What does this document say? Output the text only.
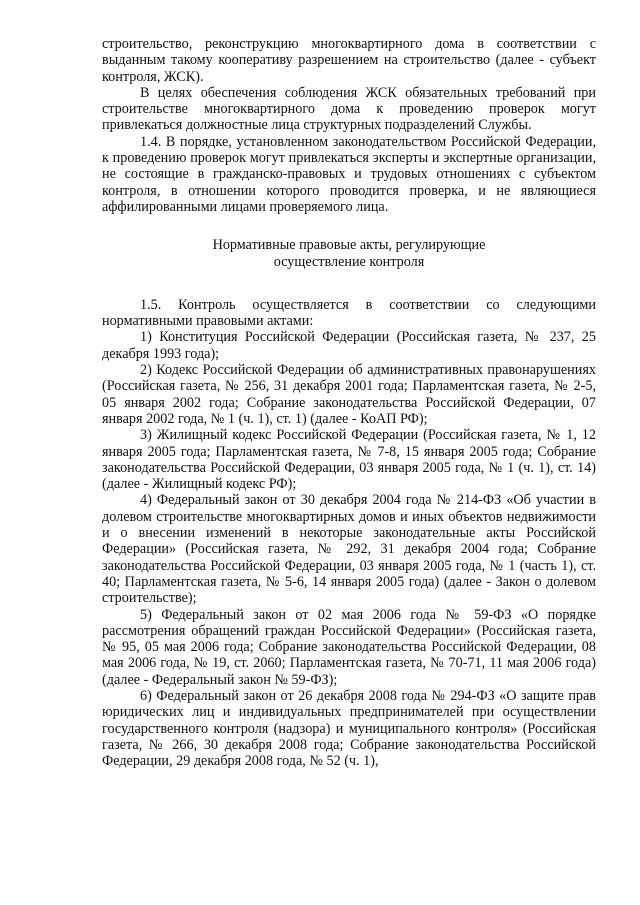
строительство, реконструкцию многоквартирного дома в соответствии с выданным такому кооперативу разрешением на строительство (далее - субъект контроля, ЖСК).

В целях обеспечения соблюдения ЖСК обязательных требований при строительстве многоквартирного дома к проведению проверок могут привлекаться должностные лица структурных подразделений Службы.

1.4. В порядке, установленном законодательством Российской Федерации, к проведению проверок могут привлекаться эксперты и экспертные организации, не состоящие в гражданско-правовых и трудовых отношениях с субъектом контроля, в отношении которого проводится проверка, и не являющиеся аффилированными лицами проверяемого лица.

Нормативные правовые акты, регулирующие
осуществление контроля

1.5. Контроль осуществляется в соответствии со следующими нормативными правовыми актами:

1) Конституция Российской Федерации (Российская газета, № 237, 25 декабря 1993 года);

2) Кодекс Российской Федерации об административных правонарушениях (Российская газета, № 256, 31 декабря 2001 года; Парламентская газета, № 2-5, 05 января 2002 года; Собрание законодательства Российской Федерации, 07 января 2002 года, № 1 (ч. 1), ст. 1) (далее - КоАП РФ);

3) Жилищный кодекс Российской Федерации (Российская газета, № 1, 12 января 2005 года; Парламентская газета, № 7-8, 15 января 2005 года; Собрание законодательства Российской Федерации, 03 января 2005 года, № 1 (ч. 1), ст. 14) (далее - Жилищный кодекс РФ);

4) Федеральный закон от 30 декабря 2004 года № 214-ФЗ «Об участии в долевом строительстве многоквартирных домов и иных объектов недвижимости и о внесении изменений в некоторые законодательные акты Российской Федерации» (Российская газета, № 292, 31 декабря 2004 года; Собрание законодательства Российской Федерации, 03 января 2005 года, № 1 (часть 1), ст. 40; Парламентская газета, № 5-6, 14 января 2005 года) (далее - Закон о долевом строительстве);

5) Федеральный закон от 02 мая 2006 года № 59-ФЗ «О порядке рассмотрения обращений граждан Российской Федерации» (Российская газета, № 95, 05 мая 2006 года; Собрание законодательства Российской Федерации, 08 мая 2006 года, № 19, ст. 2060; Парламентская газета, № 70-71, 11 мая 2006 года) (далее - Федеральный закон № 59-ФЗ);

6) Федеральный закон от 26 декабря 2008 года № 294-ФЗ «О защите прав юридических лиц и индивидуальных предпринимателей при осуществлении государственного контроля (надзора) и муниципального контроля» (Российская газета, № 266, 30 декабря 2008 года; Собрание законодательства Российской Федерации, 29 декабря 2008 года, № 52 (ч. 1),
